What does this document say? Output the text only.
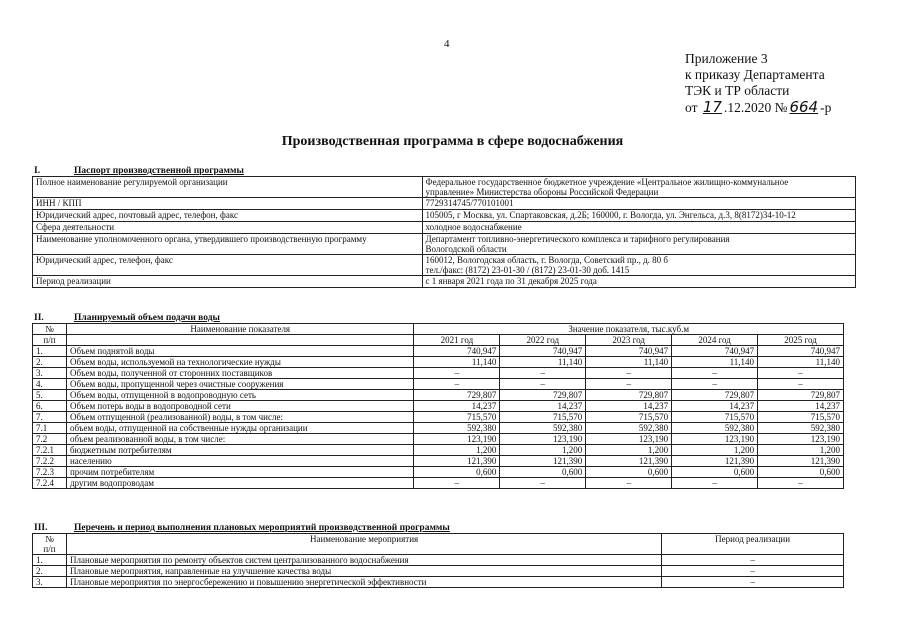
4
Приложение 3
к приказу Департамента
ТЭК и ТР области
от 17 .12.2020 № 664 -р
Производственная программа в сфере водоснабжения
I.	Паспорт производственной программы
Полное наименование регулируемой организации	Федеральное государственное бюджетное учреждение «Центральное жилищно-коммунальное
управление» Министерства обороны Российской Федерации

ИНН / КПП	7729314745/770101001

Юридический адрес, почтовый адрес, телефон, факс	105005, г Москва, ул. Спартаковская, д.2Б; 160000, г. Вологда, ул. Энгельса, д.3, 8(8172)34-10-12

Сфера деятельности	холодное водоснабжение

Наименование уполномоченного органа, утвердившего производственную программу	Департамент топливно-энергетического комплекса и тарифного регулирования
Вологодской области

Юридический адрес, телефон, факс	160012, Вологодская область, г. Вологда, Советский пр., д. 80 б
тел./факс: (8172) 23-01-30 / (8172) 23-01-30 доб. 1415

Период реализации	с 1 января 2021 года по 31 декабря 2025 года
II.	Планируемый объем подачи воды
№	Наименование показателя	Значение показателя, тыс.куб.м				
п/п		2021 год	2022 год	2023 год	2024 год	2025 год
1.	Объем поднятой воды	740,947	740,947	740,947	740,947	740,947
2.	Объем воды, используемой на технологические нужды	11,140	11,140	11,140	11,140	11,140
3.	Объем воды, полученной от сторонних поставщиков	–	–	–	–	–
4.	Объем воды, пропущенной через очистные сооружения	–	–	–	–	–
5.	Объем воды, отпущенной в водопроводную сеть	729,807	729,807	729,807	729,807	729,807
6.	Объем потерь воды в водопроводной сети	14,237	14,237	14,237	14,237	14,237
7.	Объем отпущенной (реализованной) воды, в том числе:	715,570	715,570	715,570	715,570	715,570
7.1	объем воды, отпущенной на собственные нужды организации	592,380	592,380	592,380	592,380	592,380
7.2	объем реализованной воды, в том числе:	123,190	123,190	123,190	123,190	123,190
7.2.1	бюджетным потребителям	1,200	1,200	1,200	1,200	1,200
7.2.2	населению	121,390	121,390	121,390	121,390	121,390
7.2.3	прочим потребителям	0,600	0,600	0,600	0,600	0,600
7.2.4	другим водопроводам	–	–	–	–	–
III.	Перечень и период выполнения плановых мероприятий производственной программы
№
п/п	Наименование мероприятия	Период реализации
1.	Плановые мероприятия по ремонту объектов систем централизованного водоснабжения	–
2.	Плановые мероприятия, направленные на улучшение качества воды	–
3.	Плановые мероприятия по энергосбережению и повышению энергетической эффективности	–
